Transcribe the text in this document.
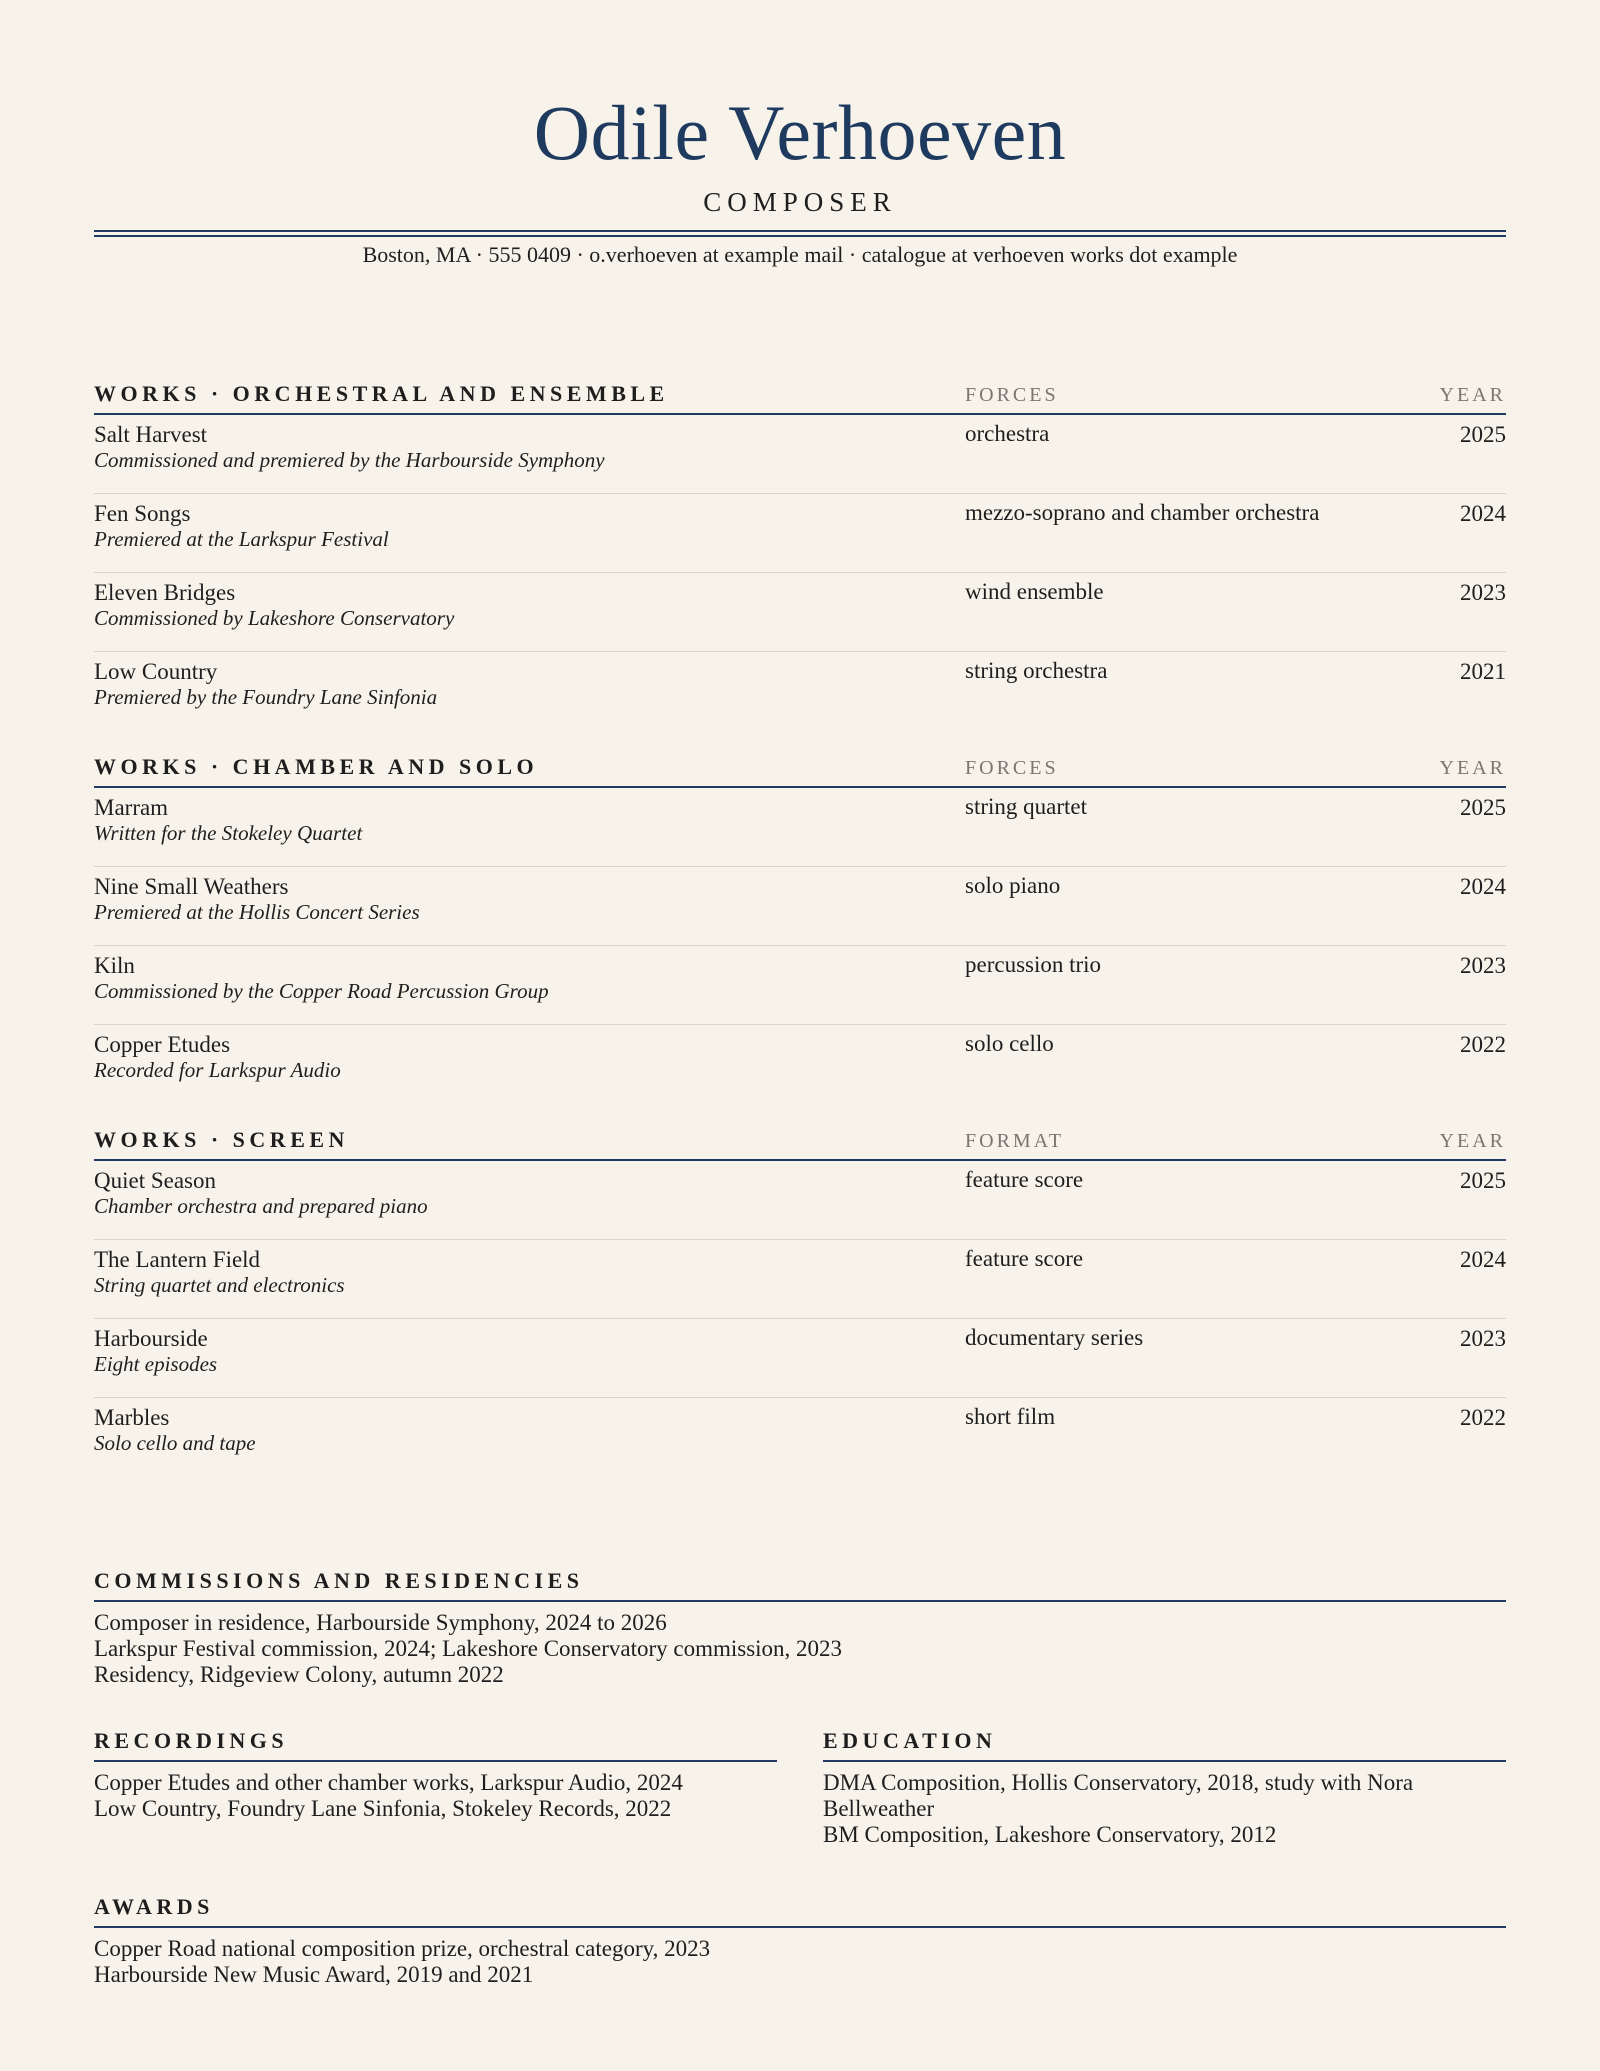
Odile Verhoeven
COMPOSER
Boston, MA · 555 0409 · o.verhoeven at example mail · catalogue at verhoeven works dot example
WORKS · ORCHESTRAL AND ENSEMBLE	FORCES	YEAR
Salt Harvest
Commissioned and premiered by the Harbourside Symphony
orchestra	2025
Fen Songs
Premiered at the Larkspur Festival
mezzo-soprano and chamber orchestra	2024
Eleven Bridges
Commissioned by Lakeshore Conservatory
wind ensemble	2023
Low Country
Premiered by the Foundry Lane Sinfonia
string orchestra	2021
WORKS · CHAMBER AND SOLO	FORCES	YEAR
Marram
Written for the Stokeley Quartet
string quartet	2025
Nine Small Weathers
Premiered at the Hollis Concert Series
solo piano	2024
Kiln
Commissioned by the Copper Road Percussion Group
percussion trio	2023
Copper Etudes
Recorded for Larkspur Audio
solo cello	2022
WORKS · SCREEN	FORMAT	YEAR
Quiet Season
Chamber orchestra and prepared piano
feature score	2025
The Lantern Field
String quartet and electronics
feature score	2024
Harbourside
Eight episodes
documentary series	2023
Marbles
Solo cello and tape
short film	2022
COMMISSIONS AND RESIDENCIES
Composer in residence, Harbourside Symphony, 2024 to 2026
Larkspur Festival commission, 2024; Lakeshore Conservatory commission, 2023
Residency, Ridgeview Colony, autumn 2022
RECORDINGS
Copper Etudes and other chamber works, Larkspur Audio, 2024
Low Country, Foundry Lane Sinfonia, Stokeley Records, 2022
EDUCATION
DMA Composition, Hollis Conservatory, 2018, study with Nora Bellweather
BM Composition, Lakeshore Conservatory, 2012
AWARDS
Copper Road national composition prize, orchestral category, 2023
Harbourside New Music Award, 2019 and 2021
